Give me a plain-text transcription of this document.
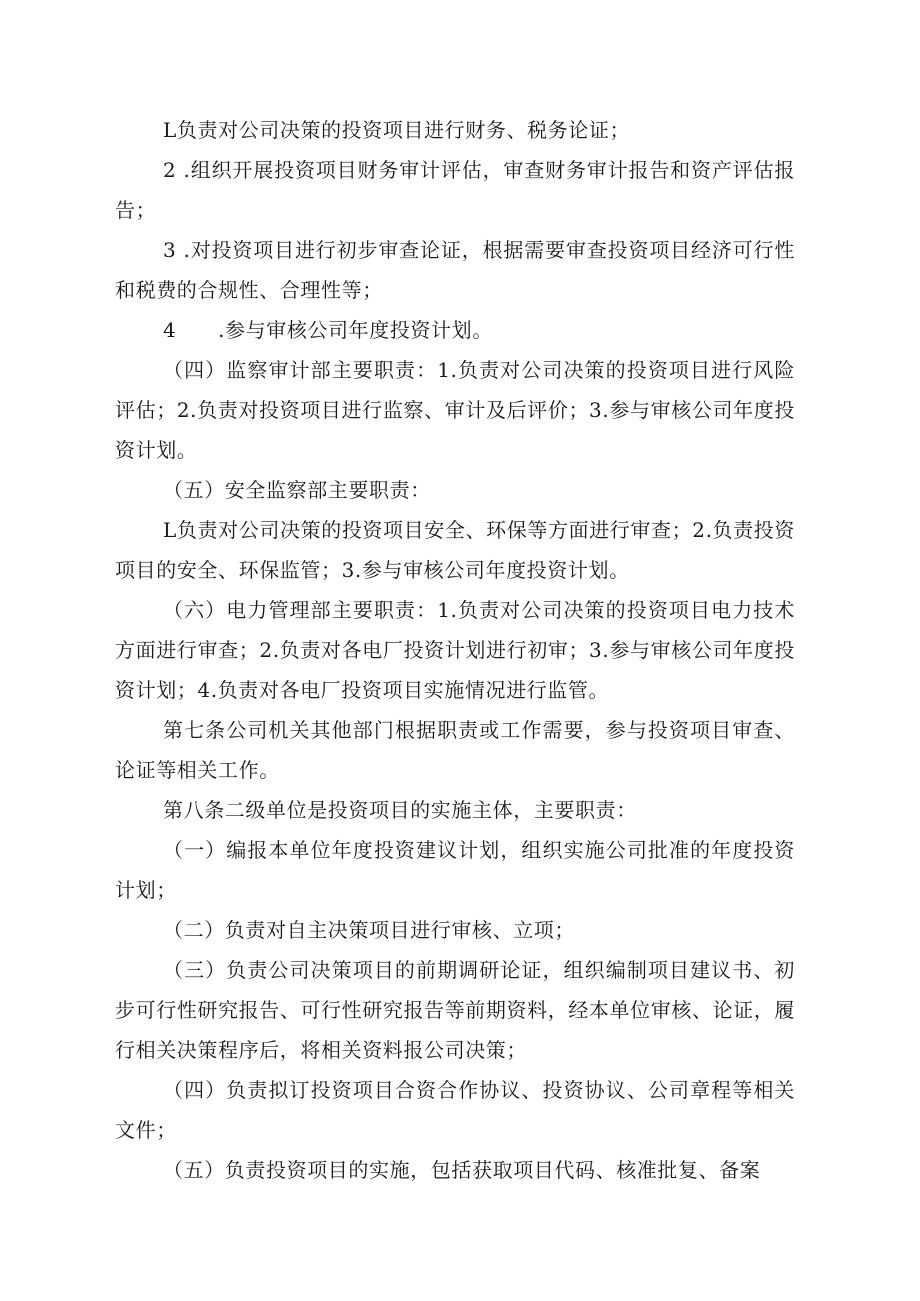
L负责对公司决策的投资项目进行财务、税务论证；

2 .组织开展投资项目财务审计评估，审查财务审计报告和资产评估报告；

3 .对投资项目进行初步审查论证，根据需要审查投资项目经济可行性和税费的合规性、合理性等；

4      .参与审核公司年度投资计划。

（四）监察审计部主要职责：1.负责对公司决策的投资项目进行风险评估；2.负责对投资项目进行监察、审计及后评价；3.参与审核公司年度投资计划。

（五）安全监察部主要职责：

L负责对公司决策的投资项目安全、环保等方面进行审查；2.负责投资项目的安全、环保监管；3.参与审核公司年度投资计划。

（六）电力管理部主要职责：1.负责对公司决策的投资项目电力技术方面进行审查；2.负责对各电厂投资计划进行初审；3.参与审核公司年度投资计划；4.负责对各电厂投资项目实施情况进行监管。

第七条公司机关其他部门根据职责或工作需要，参与投资项目审查、论证等相关工作。

第八条二级单位是投资项目的实施主体，主要职责：

（一）编报本单位年度投资建议计划，组织实施公司批准的年度投资计划；

（二）负责对自主决策项目进行审核、立项；

（三）负责公司决策项目的前期调研论证，组织编制项目建议书、初步可行性研究报告、可行性研究报告等前期资料，经本单位审核、论证，履行相关决策程序后，将相关资料报公司决策；

（四）负责拟订投资项目合资合作协议、投资协议、公司章程等相关文件；

（五）负责投资项目的实施，包括获取项目代码、核准批复、备案
